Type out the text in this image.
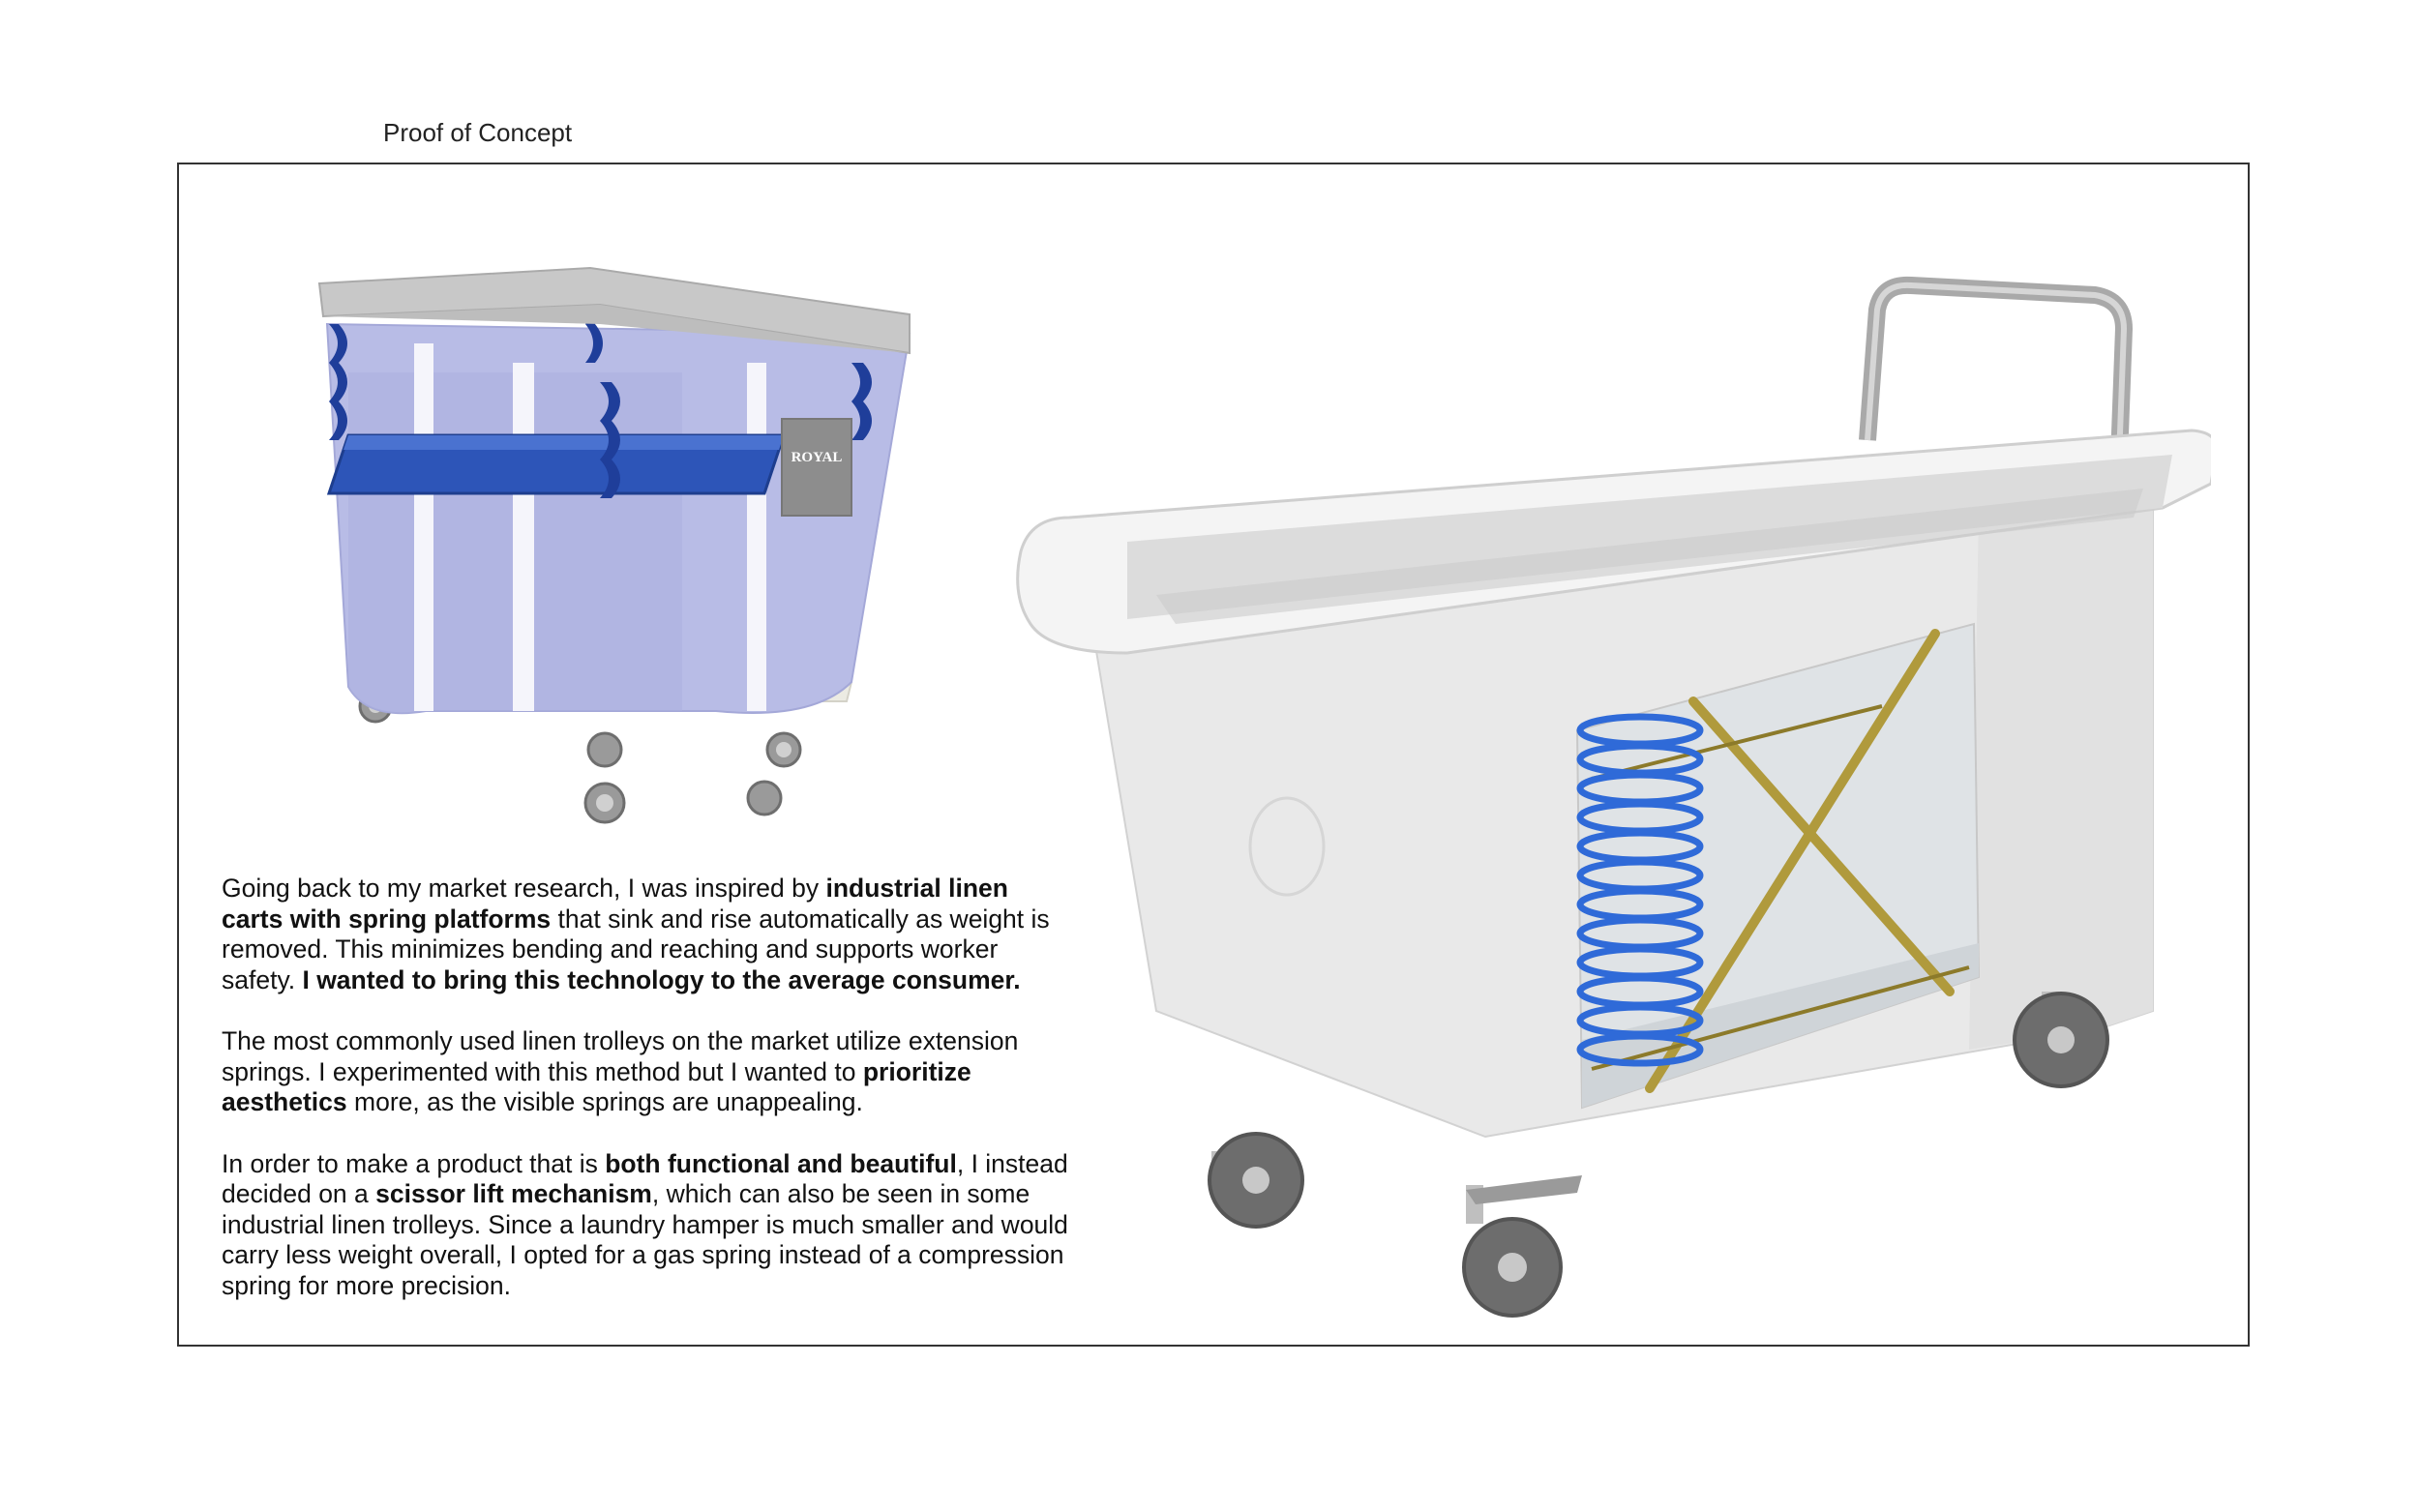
Proof of Concept
ROYAL

Going back to my market research, I was inspired by industrial linen carts with spring platforms that sink and rise automatically as weight is removed. This minimizes bending and reaching and supports worker safety. I wanted to bring this technology to the average consumer.

The most commonly used linen trolleys on the market utilize extension springs. I experimented with this method but I wanted to prioritize aesthetics more, as the visible springs are unappealing.

In order to make a product that is both functional and beautiful, I instead decided on a scissor lift mechanism, which can also be seen in some industrial linen trolleys. Since a laundry hamper is much smaller and would carry less weight overall, I opted for a gas spring instead of a compression spring for more precision.
